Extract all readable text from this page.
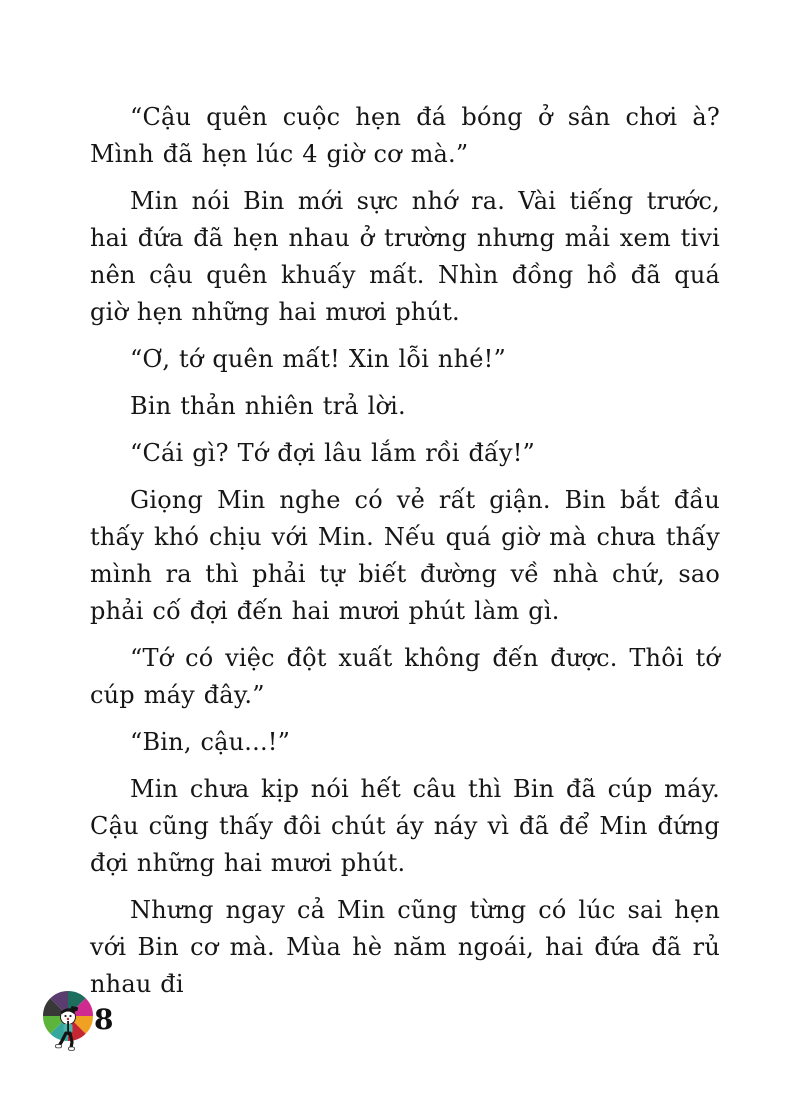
“Cậu quên cuộc hẹn đá bóng ở sân chơi à? Mình đã hẹn lúc 4 giờ cơ mà.”

Min nói Bin mới sực nhớ ra. Vài tiếng trước, hai đứa đã hẹn nhau ở trường nhưng mải xem tivi nên cậu quên khuấy mất. Nhìn đồng hồ đã quá giờ hẹn những hai mươi phút.

“Ơ, tớ quên mất! Xin lỗi nhé!”

Bin thản nhiên trả lời.

“Cái gì? Tớ đợi lâu lắm rồi đấy!”

Giọng Min nghe có vẻ rất giận. Bin bắt đầu thấy khó chịu với Min. Nếu quá giờ mà chưa thấy mình ra thì phải tự biết đường về nhà chứ, sao phải cố đợi đến hai mươi phút làm gì.

“Tớ có việc đột xuất không đến được. Thôi tớ cúp máy đây.”

“Bin, cậu...!”

Min chưa kịp nói hết câu thì Bin đã cúp máy. Cậu cũng thấy đôi chút áy náy vì đã để Min đứng đợi những hai mươi phút.

Nhưng ngay cả Min cũng từng có lúc sai hẹn với Bin cơ mà. Mùa hè năm ngoái, hai đứa đã rủ nhau đi

8
